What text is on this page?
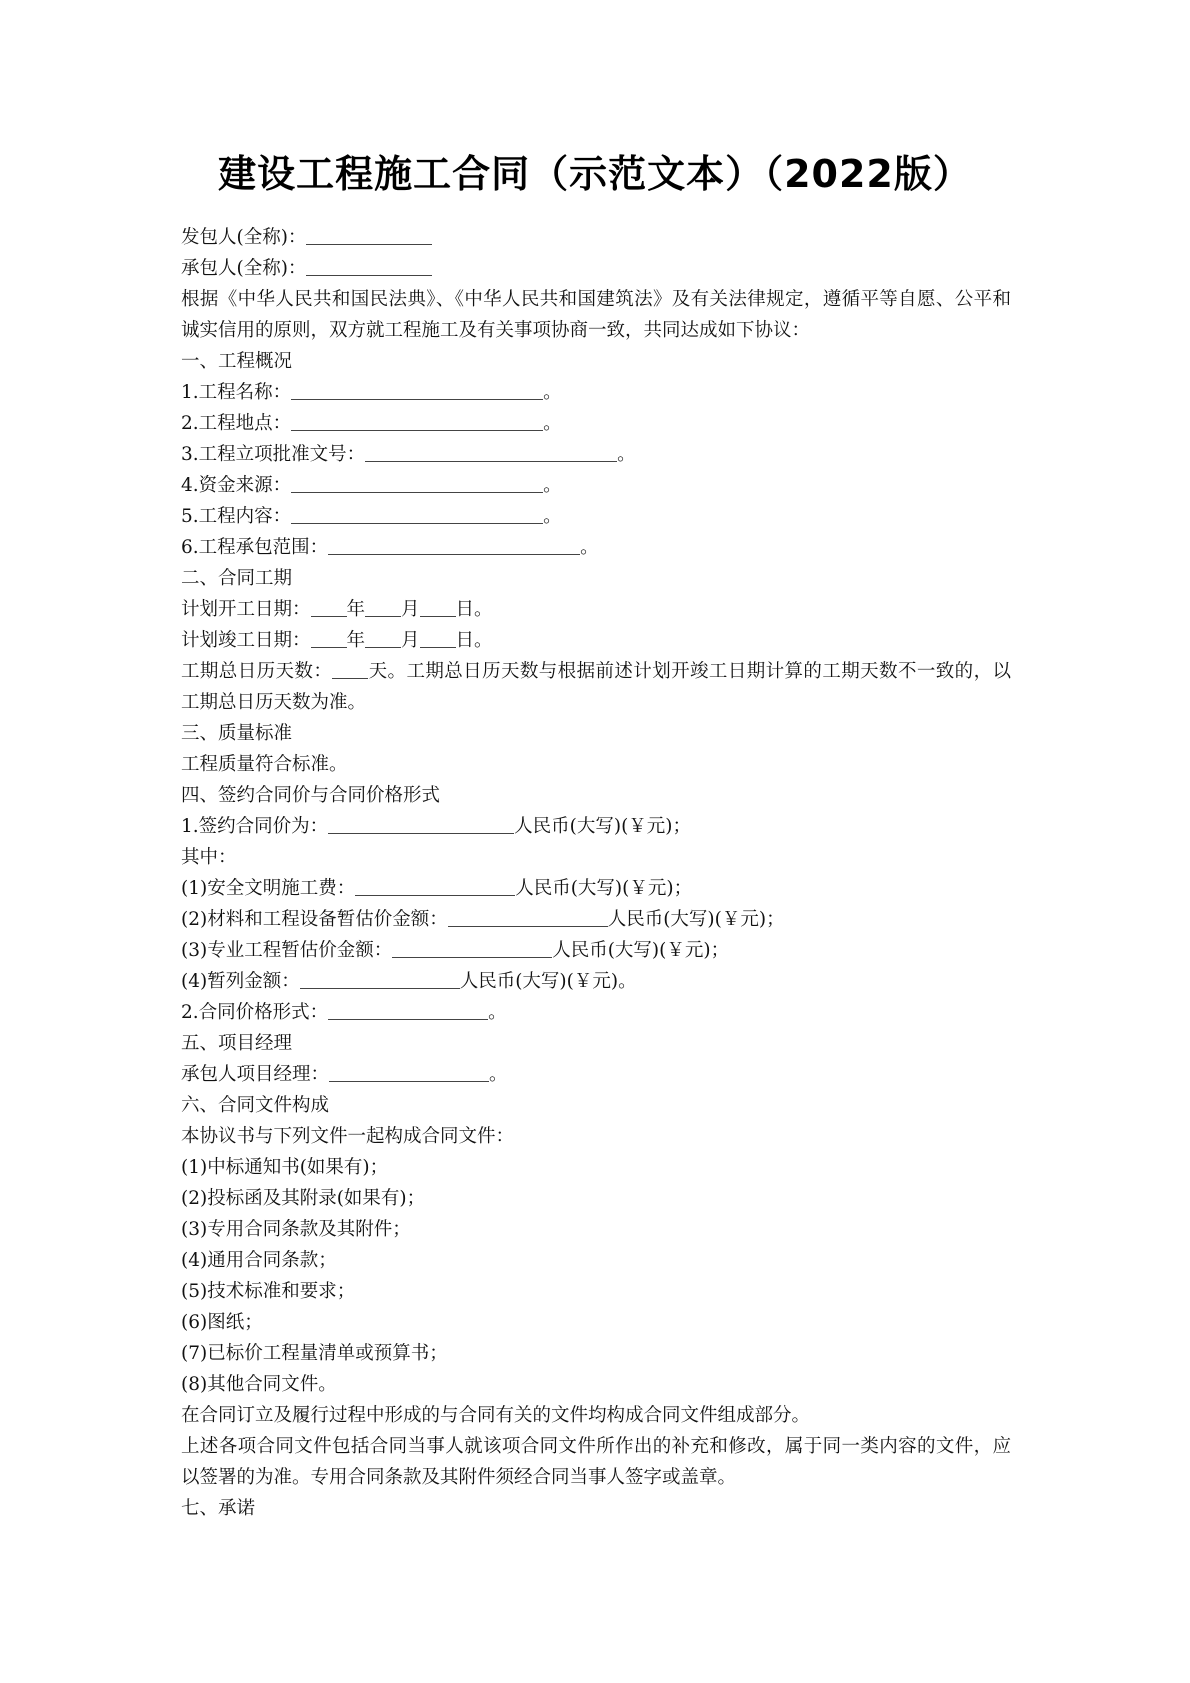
建设工程施工合同（示范文本）（2022版）
发包人(全称)：
承包人(全称)：
根据《中华人民共和国民法典》、《中华人民共和国建筑法》及有关法律规定，遵循平等自愿、公平和诚实信用的原则，双方就工程施工及有关事项协商一致，共同达成如下协议：
一、工程概况
1.工程名称：	。
2.工程地点：	。
3.工程立项批准文号：	。
4.资金来源：	。
5.工程内容：	。
6.工程承包范围：	。
二、合同工期
计划开工日期： 年 月 日。
计划竣工日期： 年 月 日。
工期总日历天数： 天。工期总日历天数与根据前述计划开竣工日期计算的工期天数不一致的，以工期总日历天数为准。
三、质量标准
工程质量符合标准。
四、签约合同价与合同价格形式
1.签约合同价为：	人民币(大写)(￥元)；
其中：
(1)安全文明施工费：	人民币(大写)(￥元)；
(2)材料和工程设备暂估价金额：	人民币(大写)(￥元)；
(3)专业工程暂估价金额：	人民币(大写)(￥元)；
(4)暂列金额：	人民币(大写)(￥元)。
2.合同价格形式：	。
五、项目经理
承包人项目经理：	。
六、合同文件构成
本协议书与下列文件一起构成合同文件：
(1)中标通知书(如果有)；
(2)投标函及其附录(如果有)；
(3)专用合同条款及其附件；
(4)通用合同条款；
(5)技术标准和要求；
(6)图纸；
(7)已标价工程量清单或预算书；
(8)其他合同文件。
在合同订立及履行过程中形成的与合同有关的文件均构成合同文件组成部分。
上述各项合同文件包括合同当事人就该项合同文件所作出的补充和修改，属于同一类内容的文件，应以签署的为准。专用合同条款及其附件须经合同当事人签字或盖章。
七、承诺
